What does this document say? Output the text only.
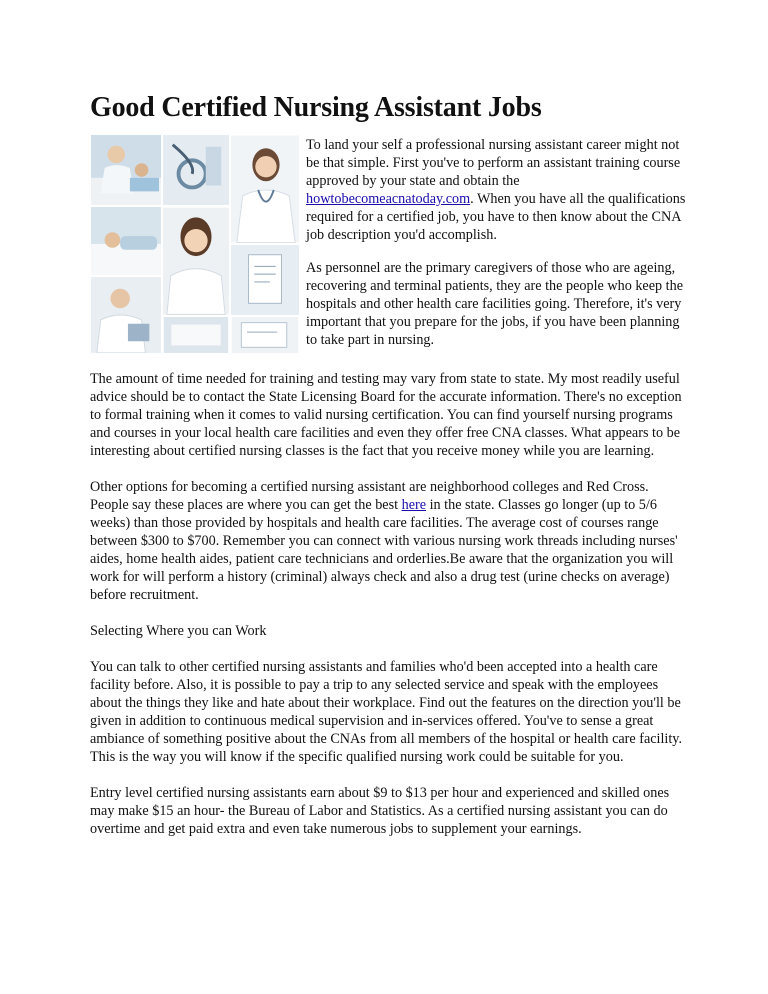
Good Certified Nursing Assistant Jobs

To land your self a professional nursing assistant career might not be that simple. First you've to perform an assistant training course approved by your state and obtain the howtobecomeacnatoday.com. When you have all the qualifications required for a certified job, you have to then know about the CNA job description you'd accomplish.

As personnel are the primary caregivers of those who are ageing, recovering and terminal patients, they are the people who keep the hospitals and other health care facilities going. Therefore, it's very important that you prepare for the jobs, if you have been planning to take part in nursing.

The amount of time needed for training and testing may vary from state to state. My most readily useful advice should be to contact the State Licensing Board for the accurate information. There's no exception to formal training when it comes to valid nursing certification. You can find yourself nursing programs and courses in your local health care facilities and even they offer free CNA classes. What appears to be interesting about certified nursing classes is the fact that you receive money while you are learning.

Other options for becoming a certified nursing assistant are neighborhood colleges and Red Cross. People say these places are where you can get the best here in the state. Classes go longer (up to 5/6 weeks) than those provided by hospitals and health care facilities. The average cost of courses range between $300 to $700. Remember you can connect with various nursing work threads including nurses' aides, home health aides, patient care technicians and orderlies.Be aware that the organization you will work for will perform a history (criminal) always check and also a drug test (urine checks on average) before recruitment.

Selecting Where you can Work

You can talk to other certified nursing assistants and families who'd been accepted into a health care facility before. Also, it is possible to pay a trip to any selected service and speak with the employees about the things they like and hate about their workplace. Find out the features on the direction you'll be given in addition to continuous medical supervision and in-services offered. You've to sense a great ambiance of something positive about the CNAs from all members of the hospital or health care facility. This is the way you will know if the specific qualified nursing work could be suitable for you.

Entry level certified nursing assistants earn about $9 to $13 per hour and experienced and skilled ones may make $15 an hour- the Bureau of Labor and Statistics. As a certified nursing assistant you can do overtime and get paid extra and even take numerous jobs to supplement your earnings.
